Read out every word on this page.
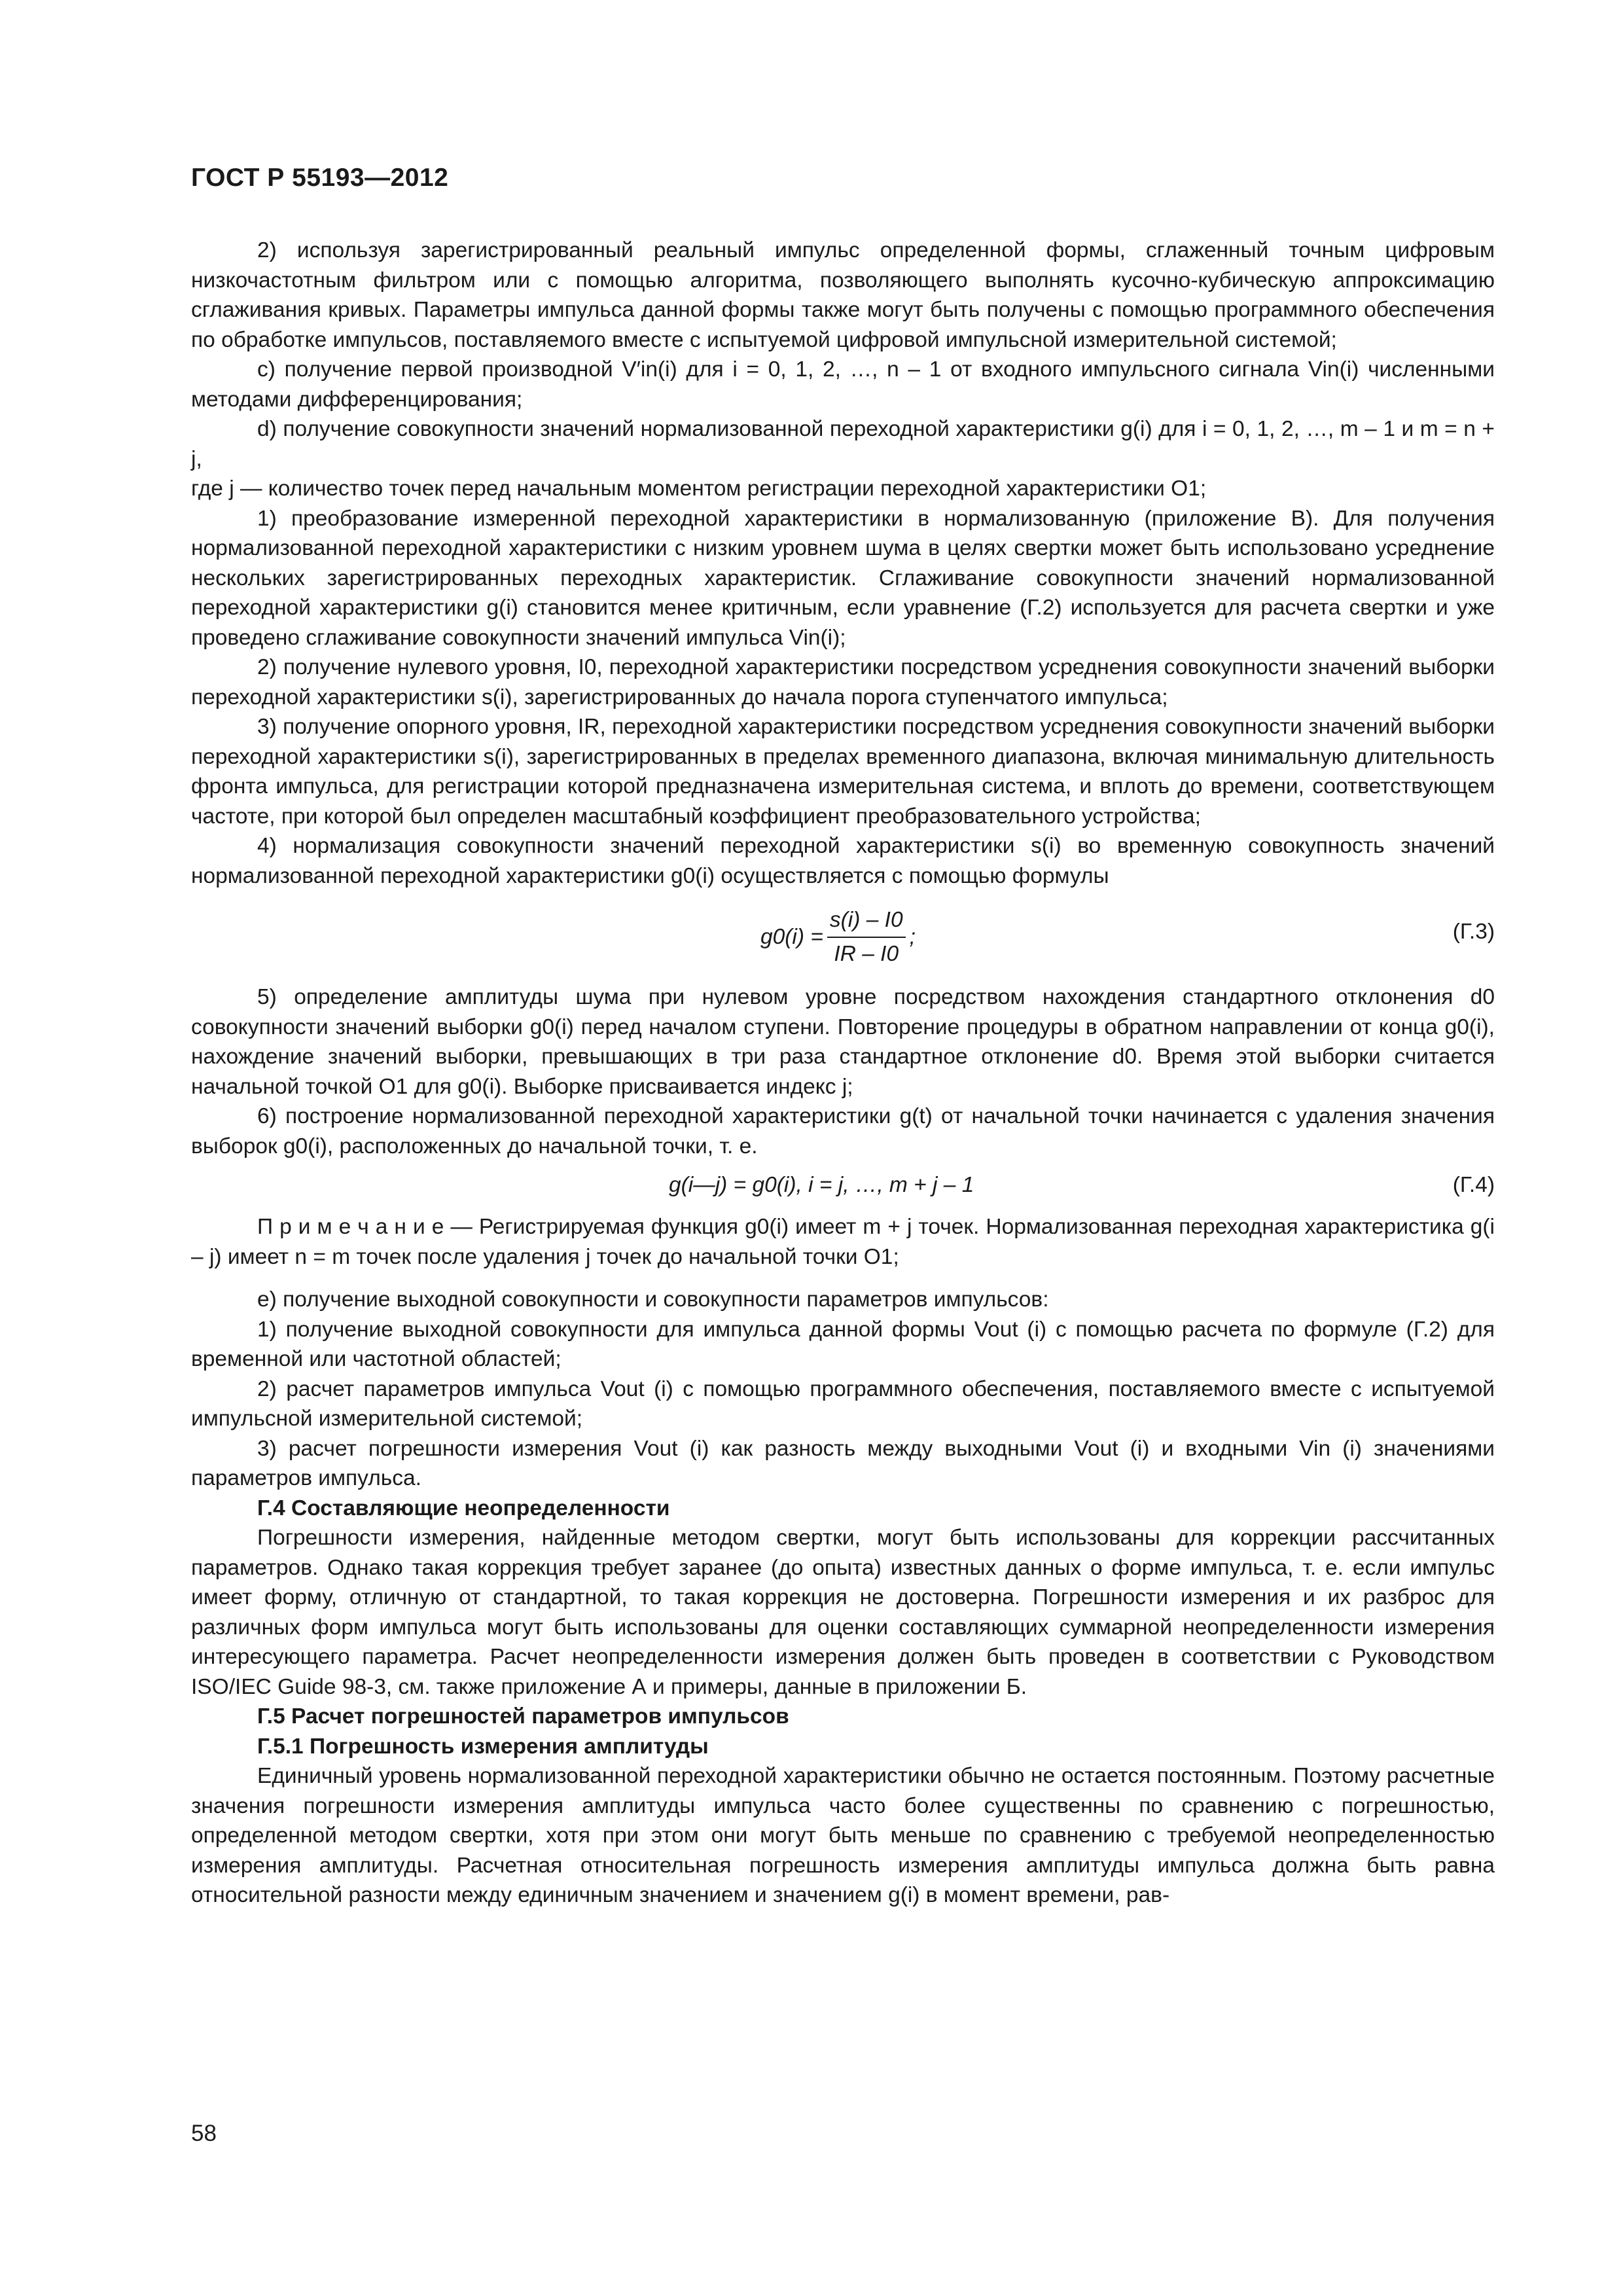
ГОСТ Р 55193—2012

2) используя зарегистрированный реальный импульс определенной формы, сглаженный точным цифровым низкочастотным фильтром или с помощью алгоритма, позволяющего выполнять кусочно-кубическую аппроксимацию сглаживания кривых. Параметры импульса данной формы также могут быть получены с помощью программного обеспечения по обработке импульсов, поставляемого вместе с испытуемой цифровой импульсной измерительной системой;

c) получение первой производной V′in(i) для i = 0, 1, 2, …, n – 1 от входного импульсного сигнала Vin(i) численными методами дифференцирования;

d) получение совокупности значений нормализованной переходной характеристики g(i) для i = 0, 1, 2, …, m – 1 и m = n + j,

где j — количество точек перед начальным моментом регистрации переходной характеристики O1;

1) преобразование измеренной переходной характеристики в нормализованную (приложение В). Для получения нормализованной переходной характеристики с низким уровнем шума в целях свертки может быть использовано усреднение нескольких зарегистрированных переходных характеристик. Сглаживание совокупности значений нормализованной переходной характеристики g(i) становится менее критичным, если уравнение (Г.2) используется для расчета свертки и уже проведено сглаживание совокупности значений импульса Vin(i);

2) получение нулевого уровня, I0, переходной характеристики посредством усреднения совокупности значений выборки переходной характеристики s(i), зарегистрированных до начала порога ступенчатого импульса;

3) получение опорного уровня, IR, переходной характеристики посредством усреднения совокупности значений выборки переходной характеристики s(i), зарегистрированных в пределах временного диапазона, включая минимальную длительность фронта импульса, для регистрации которой предназначена измерительная система, и вплоть до времени, соответствующем частоте, при которой был определен масштабный коэффициент преобразовательного устройства;

4) нормализация совокупности значений переходной характеристики s(i) во временную совокупность значений нормализованной переходной характеристики g0(i) осуществляется с помощью формулы

$g0(i) = \frac{s(i) - I0}{IR - I0}$ ;	(Г.3)

5) определение амплитуды шума при нулевом уровне посредством нахождения стандартного отклонения d0 совокупности значений выборки g0(i) перед началом ступени. Повторение процедуры в обратном направлении от конца g0(i), нахождение значений выборки, превышающих в три раза стандартное отклонение d0. Время этой выборки считается начальной точкой O1 для g0(i). Выборке присваивается индекс j;

6) построение нормализованной переходной характеристики g(t) от начальной точки начинается с удаления значения выборок g0(i), расположенных до начальной точки, т. е.

g(i—j) = g0(i), i = j, …, m + j – 1	(Г.4)

П р и м е ч а н и е — Регистрируемая функция g0(i) имеет m + j точек. Нормализованная переходная характеристика g(i – j) имеет n = m точек после удаления j точек до начальной точки O1;

e) получение выходной совокупности и совокупности параметров импульсов:

1) получение выходной совокупности для импульса данной формы Vout (i) с помощью расчета по формуле (Г.2) для временной или частотной областей;

2) расчет параметров импульса Vout (i) с помощью программного обеспечения, поставляемого вместе с испытуемой импульсной измерительной системой;

3) расчет погрешности измерения Vout (i) как разность между выходными Vout (i) и входными Vin (i) значениями параметров импульса.

Г.4 Составляющие неопределенности

Погрешности измерения, найденные методом свертки, могут быть использованы для коррекции рассчитанных параметров. Однако такая коррекция требует заранее (до опыта) известных данных о форме импульса, т. е. если импульс имеет форму, отличную от стандартной, то такая коррекция не достоверна. Погрешности измерения и их разброс для различных форм импульса могут быть использованы для оценки составляющих суммарной неопределенности измерения интересующего параметра. Расчет неопределенности измерения должен быть проведен в соответствии с Руководством ISO/IEC Guide 98-3, см. также приложение А и примеры, данные в приложении Б.

Г.5 Расчет погрешностей параметров импульсов

Г.5.1 Погрешность измерения амплитуды

Единичный уровень нормализованной переходной характеристики обычно не остается постоянным. Поэтому расчетные значения погрешности измерения амплитуды импульса часто более существенны по сравнению с погрешностью, определенной методом свертки, хотя при этом они могут быть меньше по сравнению с требуемой неопределенностью измерения амплитуды. Расчетная относительная погрешность измерения амплитуды импульса должна быть равна относительной разности между единичным значением и значением g(i) в момент времени, рав-

58
